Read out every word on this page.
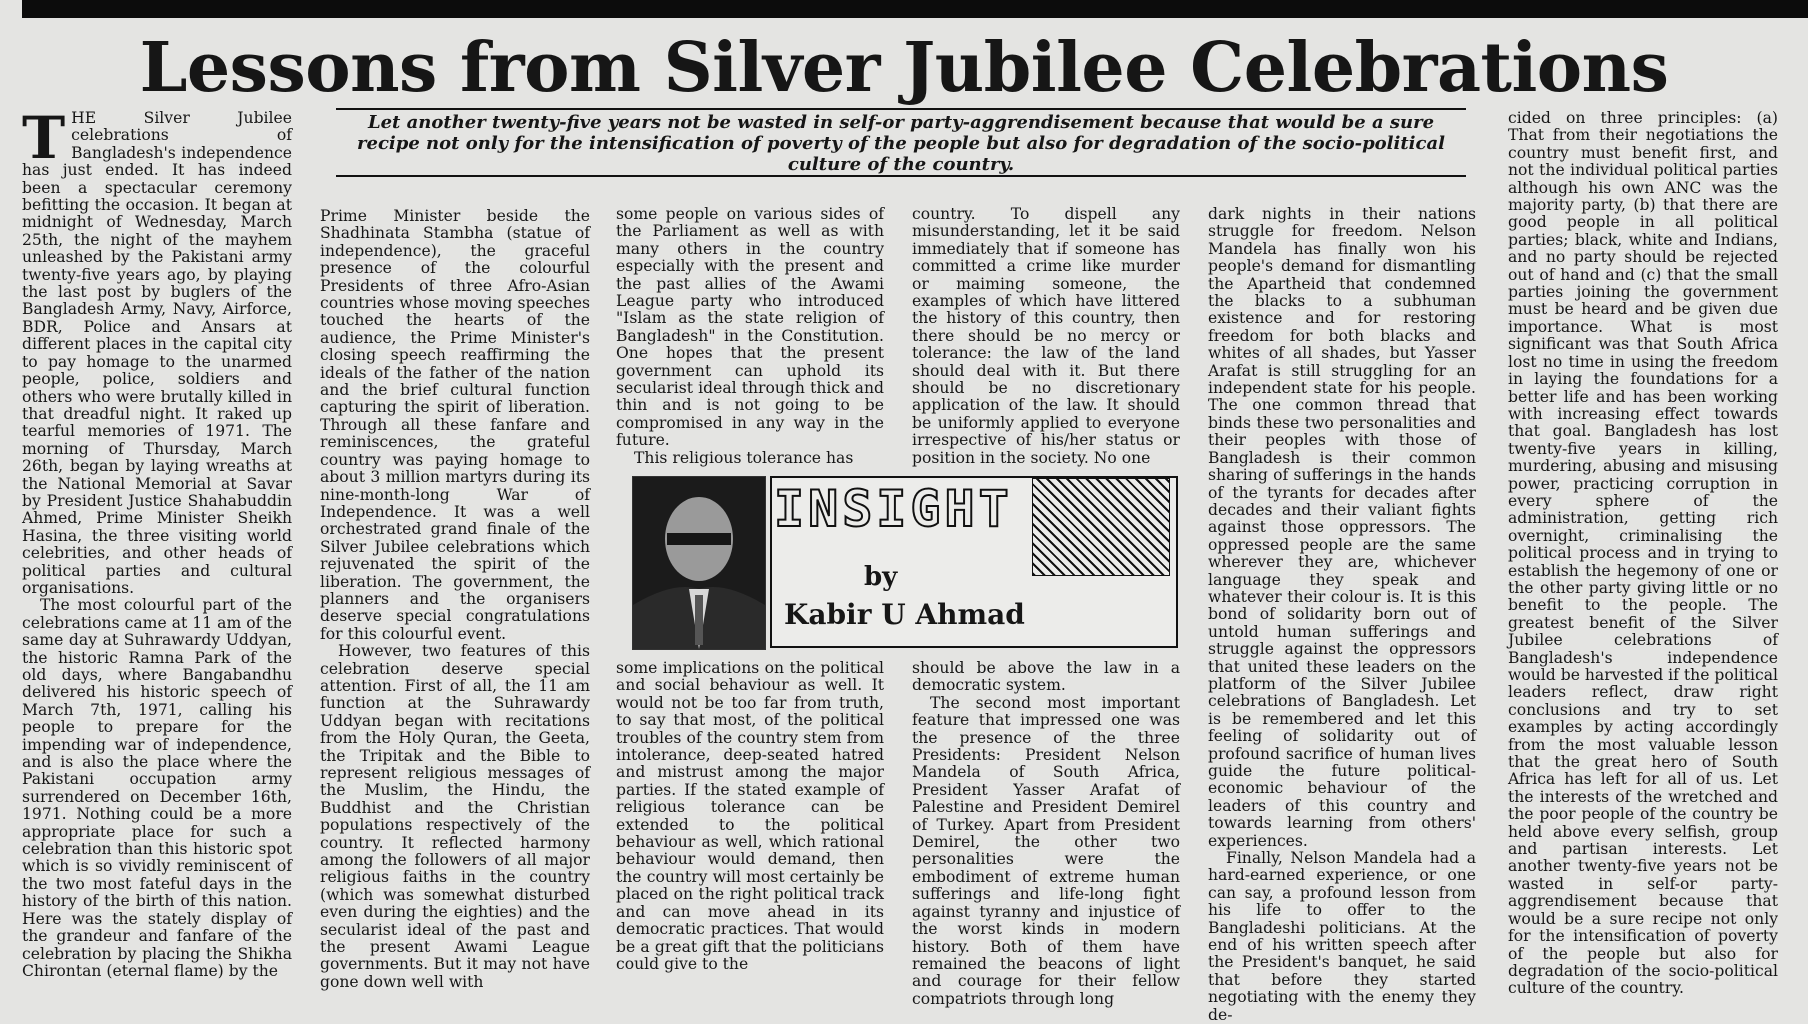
Lessons from Silver Jubilee Celebrations
Let another twenty-five years not be wasted in self-or party-aggrendisement because that would be a sure recipe not only for the intensification of poverty of the people but also for degradation of the socio-political culture of the country.

THE Silver Jubilee celebrations of Bangladesh's independence has just ended. It has indeed been a spectacular ceremony befitting the occasion. It began at midnight of Wednesday, March 25th, the night of the mayhem unleashed by the Pakistani army twenty-five years ago, by playing the last post by buglers of the Bangladesh Army, Navy, Airforce, BDR, Police and Ansars at different places in the capital city to pay homage to the unarmed people, police, soldiers and others who were brutally killed in that dreadful night. It raked up tearful memories of 1971. The morning of Thursday, March 26th, began by laying wreaths at the National Memorial at Savar by President Justice Shahabuddin Ahmed, Prime Minister Sheikh Hasina, the three visiting world celebrities, and other heads of political parties and cultural organisations.

The most colourful part of the celebrations came at 11 am of the same day at Suhrawardy Uddyan, the historic Ramna Park of the old days, where Bangabandhu delivered his historic speech of March 7th, 1971, calling his people to prepare for the impending war of independence, and is also the place where the Pakistani occupation army surrendered on December 16th, 1971. Nothing could be a more appropriate place for such a celebration than this historic spot which is so vividly reminiscent of the two most fateful days in the history of the birth of this nation. Here was the stately display of the grandeur and fanfare of the celebration by placing the Shikha Chirontan (eternal flame) by the

Prime Minister beside the Shadhinata Stambha (statue of independence), the graceful presence of the colourful Presidents of three Afro-Asian countries whose moving speeches touched the hearts of the audience, the Prime Minister's closing speech reaffirming the ideals of the father of the nation and the brief cultural function capturing the spirit of liberation. Through all these fanfare and reminiscences, the grateful country was paying homage to about 3 million martyrs during its nine-month-long War of Independence. It was a well orchestrated grand finale of the Silver Jubilee celebrations which rejuvenated the spirit of the liberation. The government, the planners and the organisers deserve special congratulations for this colourful event.

However, two features of this celebration deserve special attention. First of all, the 11 am function at the Suhrawardy Uddyan began with recitations from the Holy Quran, the Geeta, the Tripitak and the Bible to represent religious messages of the Muslim, the Hindu, the Buddhist and the Christian populations respectively of the country. It reflected harmony among the followers of all major religious faiths in the country (which was somewhat disturbed even during the eighties) and the secularist ideal of the past and the present Awami League governments. But it may not have gone down well with

some people on various sides of the Parliament as well as with many others in the country especially with the present and the past allies of the Awami League party who introduced "Islam as the state religion of Bangladesh" in the Constitution. One hopes that the present government can uphold its secularist ideal through thick and thin and is not going to be compromised in any way in the future.

This religious tolerance has

country. To dispell any misunderstanding, let it be said immediately that if someone has committed a crime like murder or maiming someone, the examples of which have littered the history of this country, then there should be no mercy or tolerance: the law of the land should deal with it. But there should be no discretionary application of the law. It should be uniformly applied to everyone irrespective of his/her status or position in the society. No one

INSIGHT
by
Kabir U Ahmad

some implications on the political and social behaviour as well. It would not be too far from truth, to say that most, of the political troubles of the country stem from intolerance, deep-seated hatred and mistrust among the major parties. If the stated example of religious tolerance can be extended to the political behaviour as well, which rational behaviour would demand, then the country will most certainly be placed on the right political track and can move ahead in its democratic practices. That would be a great gift that the politicians could give to the

should be above the law in a democratic system.

The second most important feature that impressed one was the presence of the three Presidents: President Nelson Mandela of South Africa, President Yasser Arafat of Palestine and President Demirel of Turkey. Apart from President Demirel, the other two personalities were the embodiment of extreme human sufferings and life-long fight against tyranny and injustice of the worst kinds in modern history. Both of them have remained the beacons of light and courage for their fellow compatriots through long

dark nights in their nations struggle for freedom. Nelson Mandela has finally won his people's demand for dismantling the Apartheid that condemned the blacks to a subhuman existence and for restoring freedom for both blacks and whites of all shades, but Yasser Arafat is still struggling for an independent state for his people. The one common thread that binds these two personalities and their peoples with those of Bangladesh is their common sharing of sufferings in the hands of the tyrants for decades after decades and their valiant fights against those oppressors. The oppressed people are the same wherever they are, whichever language they speak and whatever their colour is. It is this bond of solidarity born out of untold human sufferings and struggle against the oppressors that united these leaders on the platform of the Silver Jubilee celebrations of Bangladesh. Let is be remembered and let this feeling of solidarity out of profound sacrifice of human lives guide the future political-economic behaviour of the leaders of this country and towards learning from others' experiences.

Finally, Nelson Mandela had a hard-earned experience, or one can say, a profound lesson from his life to offer to the Bangladeshi politicians. At the end of his written speech after the President's banquet, he said that before they started negotiating with the enemy they de-

cided on three principles: (a) That from their negotiations the country must benefit first, and not the individual political parties although his own ANC was the majority party, (b) that there are good people in all political parties; black, white and Indians, and no party should be rejected out of hand and (c) that the small parties joining the government must be heard and be given due importance. What is most significant was that South Africa lost no time in using the freedom in laying the foundations for a better life and has been working with increasing effect towards that goal. Bangladesh has lost twenty-five years in killing, murdering, abusing and misusing power, practicing corruption in every sphere of the administration, getting rich overnight, criminalising the political process and in trying to establish the hegemony of one or the other party giving little or no benefit to the people. The greatest benefit of the Silver Jubilee celebrations of Bangladesh's independence would be harvested if the political leaders reflect, draw right conclusions and try to set examples by acting accordingly from the most valuable lesson that the great hero of South Africa has left for all of us. Let the interests of the wretched and the poor people of the country be held above every selfish, group and partisan interests. Let another twenty-five years not be wasted in self-or party-aggrendisement because that would be a sure recipe not only for the intensification of poverty of the people but also for degradation of the socio-political culture of the country.
